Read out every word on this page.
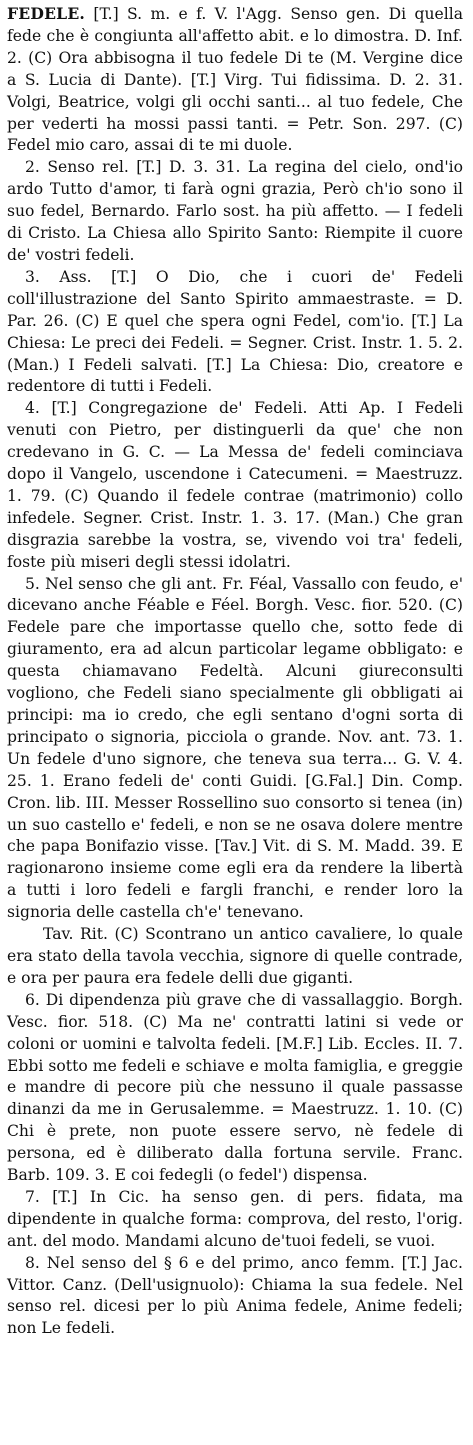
FEDELE. [T.] S. m. e f. V. l'Agg. Senso gen. Di quella fede che è congiunta all'affetto abit. e lo dimostra. D. Inf. 2. (C) Ora abbisogna il tuo fedele Di te (M. Vergine dice a S. Lucia di Dante). [T.] Virg. Tui fidissima. D. 2. 31. Volgi, Beatrice, volgi gli occhi santi... al tuo fedele, Che per vederti ha mossi passi tanti. = Petr. Son. 297. (C) Fedel mio caro, assai di te mi duole.

2. Senso rel. [T.] D. 3. 31. La regina del cielo, ond'io ardo Tutto d'amor, ti farà ogni grazia, Però ch'io sono il suo fedel, Bernardo. Farlo sost. ha più affetto. — I fedeli di Cristo. La Chiesa allo Spirito Santo: Riempite il cuore de' vostri fedeli.

3. Ass. [T.] O Dio, che i cuori de' Fedeli coll'illustrazione del Santo Spirito ammaestraste. = D. Par. 26. (C) E quel che spera ogni Fedel, com'io. [T.] La Chiesa: Le preci dei Fedeli. = Segner. Crist. Instr. 1. 5. 2. (Man.) I Fedeli salvati. [T.] La Chiesa: Dio, creatore e redentore di tutti i Fedeli.

4. [T.] Congregazione de' Fedeli. Atti Ap. I Fedeli venuti con Pietro, per distinguerli da que' che non credevano in G. C. — La Messa de' fedeli cominciava dopo il Vangelo, uscendone i Catecumeni. = Maestruzz. 1. 79. (C) Quando il fedele contrae (matrimonio) collo infedele. Segner. Crist. Instr. 1. 3. 17. (Man.) Che gran disgrazia sarebbe la vostra, se, vivendo voi tra' fedeli, foste più miseri degli stessi idolatri.

5. Nel senso che gli ant. Fr. Féal, Vassallo con feudo, e' dicevano anche Féable e Féel. Borgh. Vesc. fior. 520. (C) Fedele pare che importasse quello che, sotto fede di giuramento, era ad alcun particolar legame obbligato: e questa chiamavano Fedeltà. Alcuni giureconsulti vogliono, che Fedeli siano specialmente gli obbligati ai principi: ma io credo, che egli sentano d'ogni sorta di principato o signoria, picciola o grande. Nov. ant. 73. 1. Un fedele d'uno signore, che teneva sua terra... G. V. 4. 25. 1. Erano fedeli de' conti Guidi. [G.Fal.] Din. Comp. Cron. lib. III. Messer Rossellino suo consorto si tenea (in) un suo castello e' fedeli, e non se ne osava dolere mentre che papa Bonifazio visse. [Tav.] Vit. di S. M. Madd. 39. E ragionarono insieme come egli era da rendere la libertà a tutti i loro fedeli e fargli franchi, e render loro la signoria delle castella ch'e' tenevano.

Tav. Rit. (C) Scontrano un antico cavaliere, lo quale era stato della tavola vecchia, signore di quelle contrade, e ora per paura era fedele delli due giganti.

6. Di dipendenza più grave che di vassallaggio. Borgh. Vesc. fior. 518. (C) Ma ne' contratti latini si vede or coloni or uomini e talvolta fedeli. [M.F.] Lib. Eccles. II. 7. Ebbi sotto me fedeli e schiave e molta famiglia, e greggie e mandre di pecore più che nessuno il quale passasse dinanzi da me in Gerusalemme. = Maestruzz. 1. 10. (C) Chi è prete, non puote essere servo, nè fedele di persona, ed è diliberato dalla fortuna servile. Franc. Barb. 109. 3. E coi fedegli (o fedel') dispensa.

7. [T.] In Cic. ha senso gen. di pers. fidata, ma dipendente in qualche forma: comprova, del resto, l'orig. ant. del modo. Mandami alcuno de'tuoi fedeli, se vuoi.

8. Nel senso del § 6 e del primo, anco femm. [T.] Jac. Vittor. Canz. (Dell'usignuolo): Chiama la sua fedele. Nel senso rel. dicesi per lo più Anima fedele, Anime fedeli; non Le fedeli.
